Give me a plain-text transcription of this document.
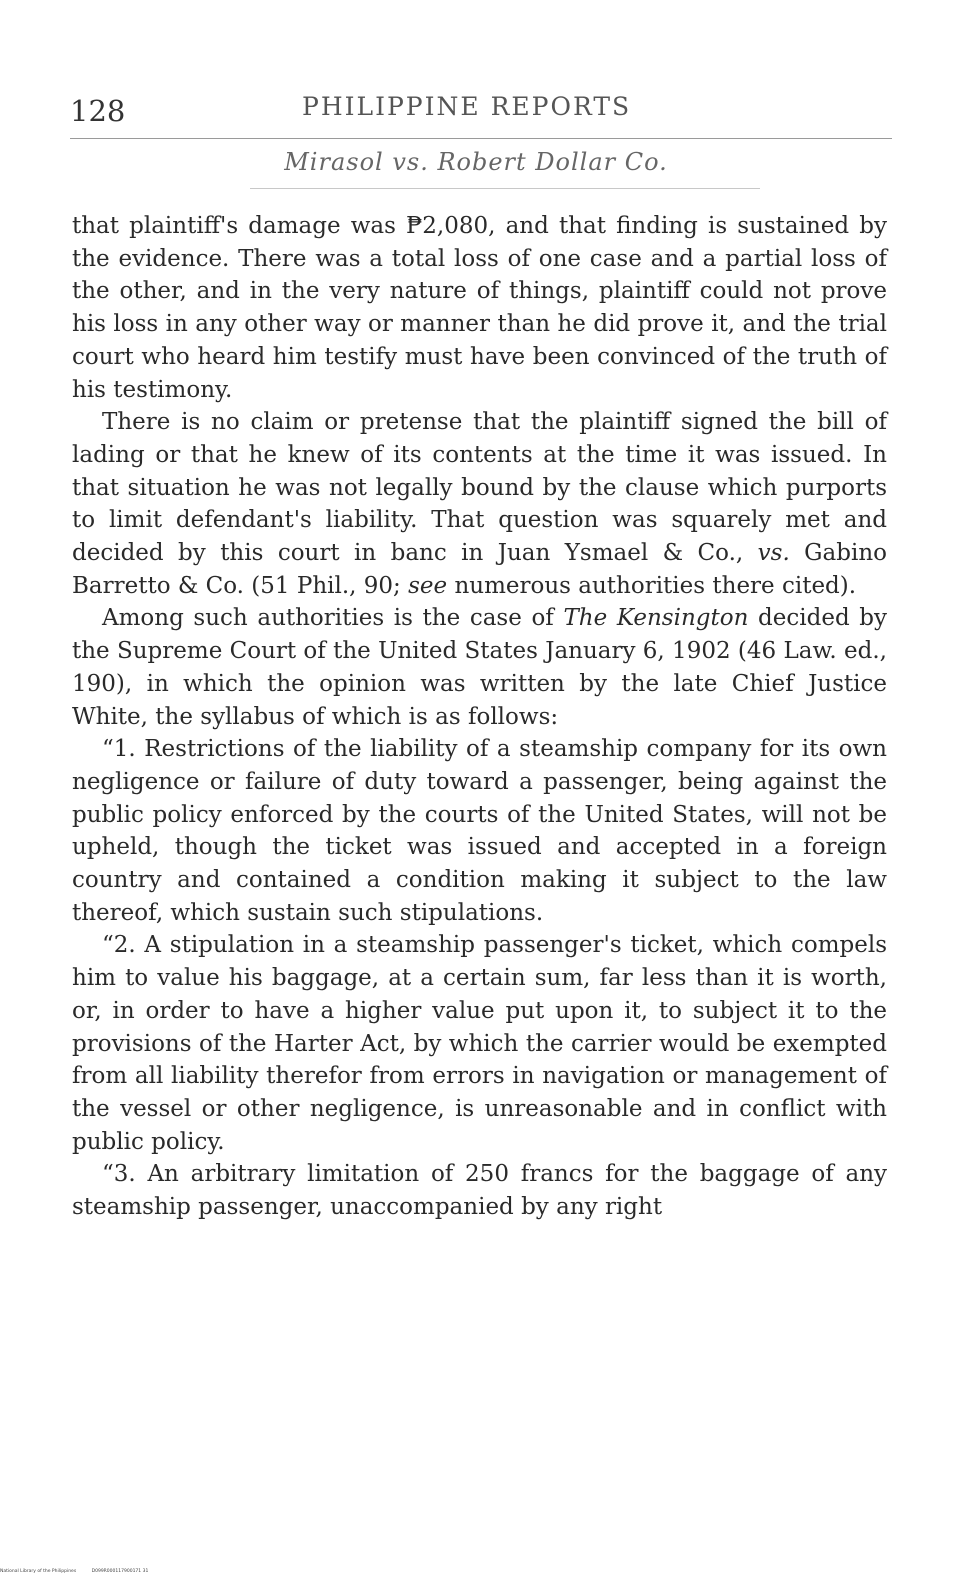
128	PHILIPPINE REPORTS
Mirasol vs. Robert Dollar Co.

that plaintiff's damage was ₱2,080, and that finding is sustained by the evidence. There was a total loss of one case and a partial loss of the other, and in the very nature of things, plaintiff could not prove his loss in any other way or manner than he did prove it, and the trial court who heard him testify must have been convinced of the truth of his testimony.

There is no claim or pretense that the plaintiff signed the bill of lading or that he knew of its contents at the time it was issued. In that situation he was not legally bound by the clause which purports to limit defendant's liability. That question was squarely met and decided by this court in banc in Juan Ysmael & Co., vs. Gabino Barretto & Co. (51 Phil., 90; see numerous authorities there cited).

Among such authorities is the case of The Kensington decided by the Supreme Court of the United States January 6, 1902 (46 Law. ed., 190), in which the opinion was written by the late Chief Justice White, the syllabus of which is as follows:

“1. Restrictions of the liability of a steamship company for its own negligence or failure of duty toward a passenger, being against the public policy enforced by the courts of the United States, will not be upheld, though the ticket was issued and accepted in a foreign country and contained a condition making it subject to the law thereof, which sustain such stipulations.

“2. A stipulation in a steamship passenger's ticket, which compels him to value his baggage, at a certain sum, far less than it is worth, or, in order to have a higher value put upon it, to subject it to the provisions of the Harter Act, by which the carrier would be exempted from all liability therefor from errors in navigation or management of the vessel or other negligence, is unreasonable and in conflict with public policy.

“3. An arbitrary limitation of 250 francs for the baggage of any steamship passenger, unaccompanied by any right

National Library of the Philippines	D099R000117900171 31
